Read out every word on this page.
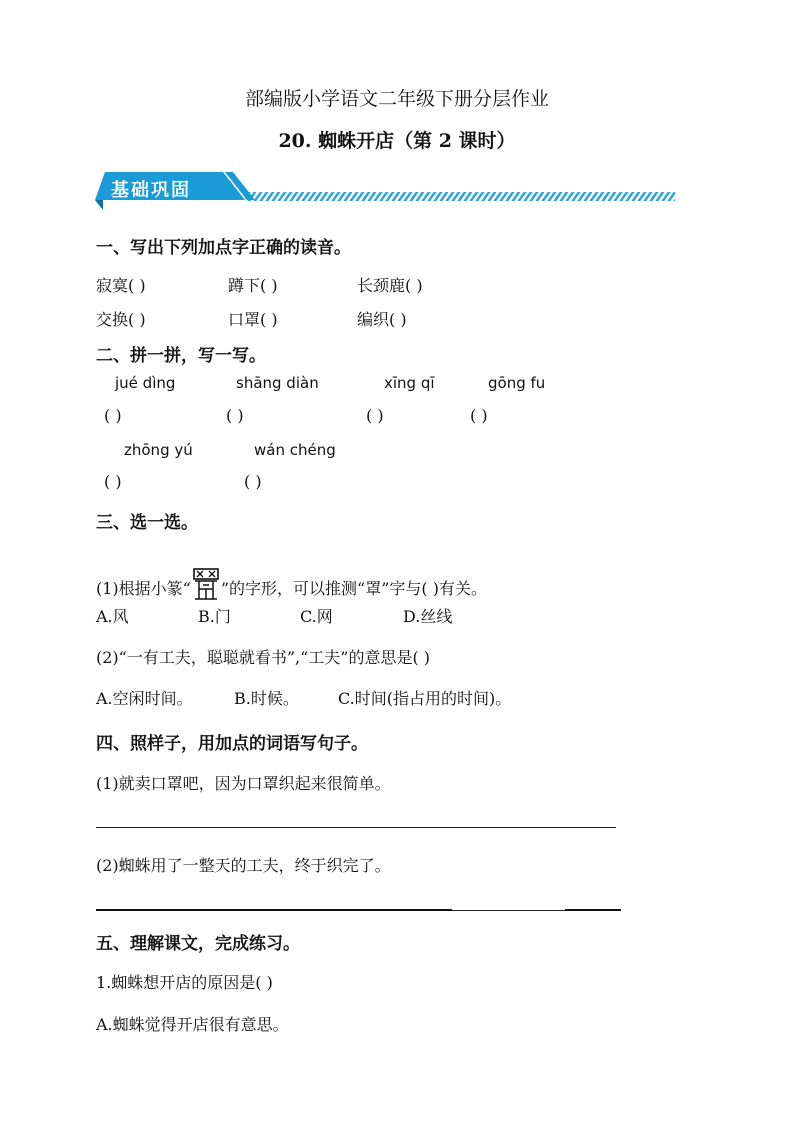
部编版小学语文二年级下册分层作业
20. 蜘蛛开店（第 2 课时）
基础巩固
一、写出下列加点字正确的读音。
寂寞( )	蹲下( )	长颈鹿( )
交换( )	口罩( )	编织( )
二、拼一拼，写一写。
jué dìng	shāng diàn	xīng qī	gōng fu
( )	( )	( )	( )
zhōng yú	wán chéng
( )	( )
三、选一选。
(1)根据小篆“ ”的字形，可以推测“罩”字与( )有关。
A.风	B.门	C.网	D.丝线
(2)“一有工夫，聪聪就看书”,“工夫”的意思是( )
A.空闲时间。	B.时候。 C.时间(指占用的时间)。
四、照样子，用加点的词语写句子。
(1)就卖口罩吧，因为口罩织起来很简单。
(2)蜘蛛用了一整天的工夫，终于织完了。
五、理解课文，完成练习。
1.蜘蛛想开店的原因是( )
A.蜘蛛觉得开店很有意思。
